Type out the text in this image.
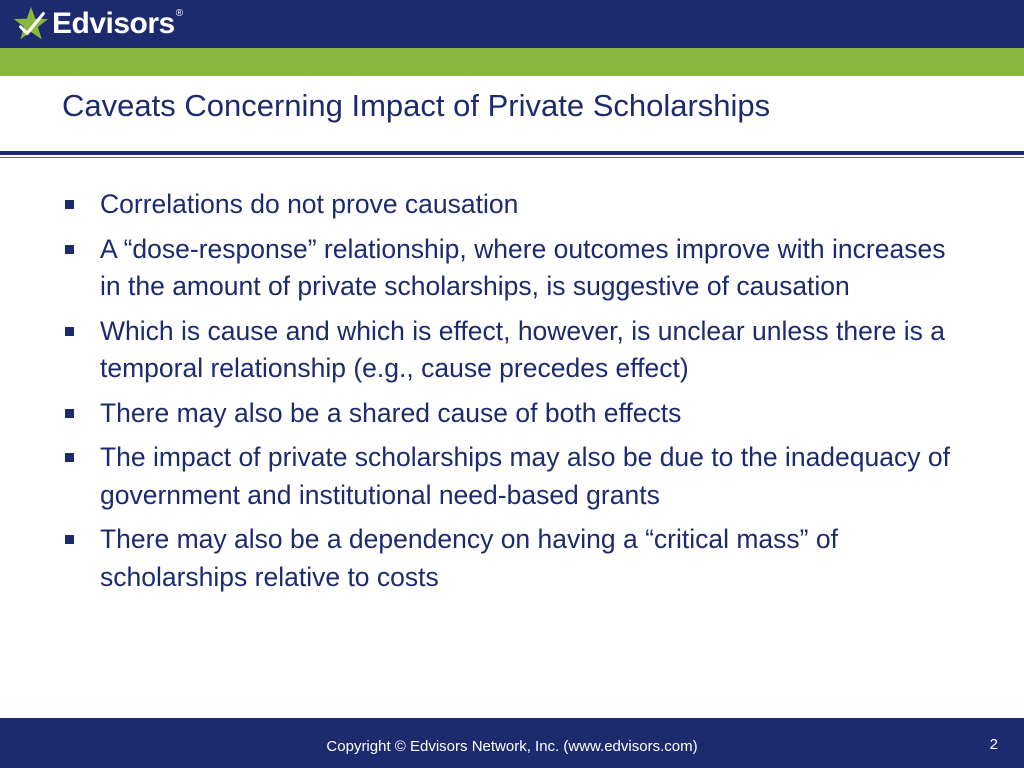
Edvisors ®
Caveats Concerning Impact of Private Scholarships
Correlations do not prove causation
A “dose-response” relationship, where outcomes improve with increases in the amount of private scholarships, is suggestive of causation
Which is cause and which is effect, however, is unclear unless there is a temporal relationship (e.g., cause precedes effect)
There may also be a shared cause of both effects
The impact of private scholarships may also be due to the inadequacy of government and institutional need-based grants
There may also be a dependency on having a “critical mass” of scholarships relative to costs
Copyright © Edvisors Network, Inc. (www.edvisors.com)	2
